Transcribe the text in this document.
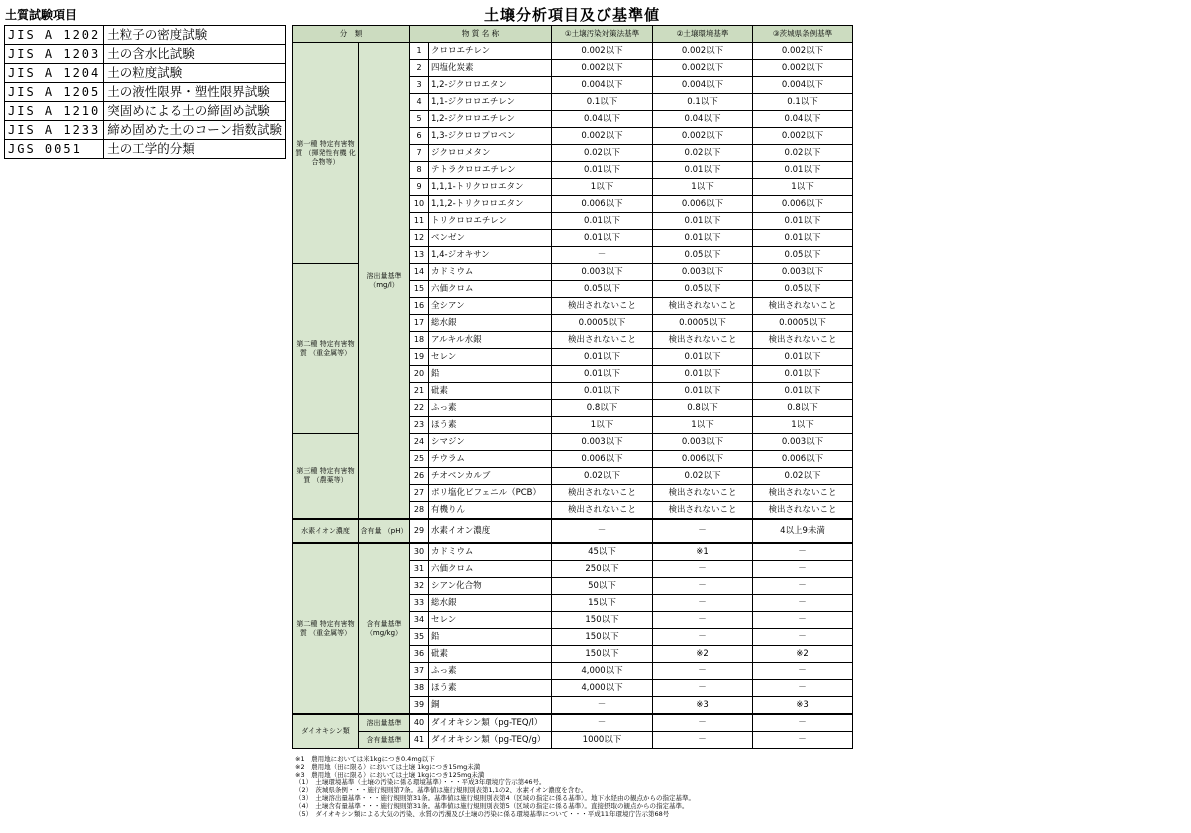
土質試験項目
JIS A 1202	土粒子の密度試験
JIS A 1203	土の含水比試験
JIS A 1204	土の粒度試験
JIS A 1205	土の液性限界・塑性限界試験
JIS A 1210	突固めによる土の締固め試験
JIS A 1233	締め固めた土のコーン指数試験
JGS 0051	土の工学的分類
土壌分析項目及び基準値
分　類		物 質 名 称		①土壌汚染対策法基準	②土壌環境基準	③茨城県条例基準
第一種 特定有害物質 （揮発性有機 化合物等）	溶出量基準 （mg/l）	1	クロロエチレン	0.002以下	0.002以下	0.002以下
		2	四塩化炭素	0.002以下	0.002以下	0.002以下
		3	1,2-ジクロロエタン	0.004以下	0.004以下	0.004以下
		4	1,1-ジクロロエチレン	0.1以下	0.1以下	0.1以下
		5	1,2-ジクロロエチレン	0.04以下	0.04以下	0.04以下
		6	1,3-ジクロロプロペン	0.002以下	0.002以下	0.002以下
		7	ジクロロメタン	0.02以下	0.02以下	0.02以下
		8	テトラクロロエチレン	0.01以下	0.01以下	0.01以下
		9	1,1,1-トリクロロエタン	1以下	1以下	1以下
		10	1,1,2-トリクロロエタン	0.006以下	0.006以下	0.006以下
		11	トリクロロエチレン	0.01以下	0.01以下	0.01以下
		12	ベンゼン	0.01以下	0.01以下	0.01以下
		13	1,4-ジオキサン	－	0.05以下	0.05以下
第二種 特定有害物質 （重金属等）		14	カドミウム	0.003以下	0.003以下	0.003以下
		15	六価クロム	0.05以下	0.05以下	0.05以下
		16	全シアン	検出されないこと	検出されないこと	検出されないこと
		17	総水銀	0.0005以下	0.0005以下	0.0005以下
		18	アルキル水銀	検出されないこと	検出されないこと	検出されないこと
		19	セレン	0.01以下	0.01以下	0.01以下
		20	鉛	0.01以下	0.01以下	0.01以下
		21	砒素	0.01以下	0.01以下	0.01以下
		22	ふっ素	0.8以下	0.8以下	0.8以下
		23	ほう素	1以下	1以下	1以下
第三種 特定有害物質 （農薬等）		24	シマジン	0.003以下	0.003以下	0.003以下
		25	チウラム	0.006以下	0.006以下	0.006以下
		26	チオベンカルブ	0.02以下	0.02以下	0.02以下
		27	ポリ塩化ビフェニル（PCB）	検出されないこと	検出されないこと	検出されないこと
		28	有機りん	検出されないこと	検出されないこと	検出されないこと
水素イオン濃度	含有量 （pH）	29	水素イオン濃度	－	－	4以上9未満
第二種 特定有害物質 （重金属等）	含有量基準 （mg/kg）	30	カドミウム	45以下	※1	－
		31	六価クロム	250以下	－	－
		32	シアン化合物	50以下	－	－
		33	総水銀	15以下	－	－
		34	セレン	150以下	－	－
		35	鉛	150以下	－	－
		36	砒素	150以下	※2	※2
		37	ふっ素	4,000以下	－	－
		38	ほう素	4,000以下	－	－
		39	銅	－	※3	※3
ダイオキシン類	溶出量基準	40	ダイオキシン類（pg-TEQ/l）	－	－	－
	含有量基準	41	ダイオキシン類（pg-TEQ/g）	1000以下	－	－
※1　農用地においては米1kgにつき0.4mg以下
※2　農用地（田に限る）においては土壌 1kgにつき15mg未満
※3　農用地（田に限る）においては土壌 1kgにつき125mg未満
（1）　土壌環境基準（土壌の汚染に係る環境基準）・・・平成3年環境庁告示第46号。
（2）　茨城県条例・・・施行規則第7条。基準値は施行規則別表第1,1の2、水素イオン濃度を含む。
（3）　土壌溶出量基準・・・施行規則第31条。基準値は施行規則別表第4（区域の指定に係る基準）。地下水経由の観点からの指定基準。
（4）　土壌含有量基準・・・施行規則第31条。基準値は施行規則別表第5（区域の指定に係る基準）。直接摂取の観点からの指定基準。
（5）　ダイオキシン類による大気の汚染、水質の汚濁及び土壌の汚染に係る環境基準について・・・平成11年環境庁告示第68号
